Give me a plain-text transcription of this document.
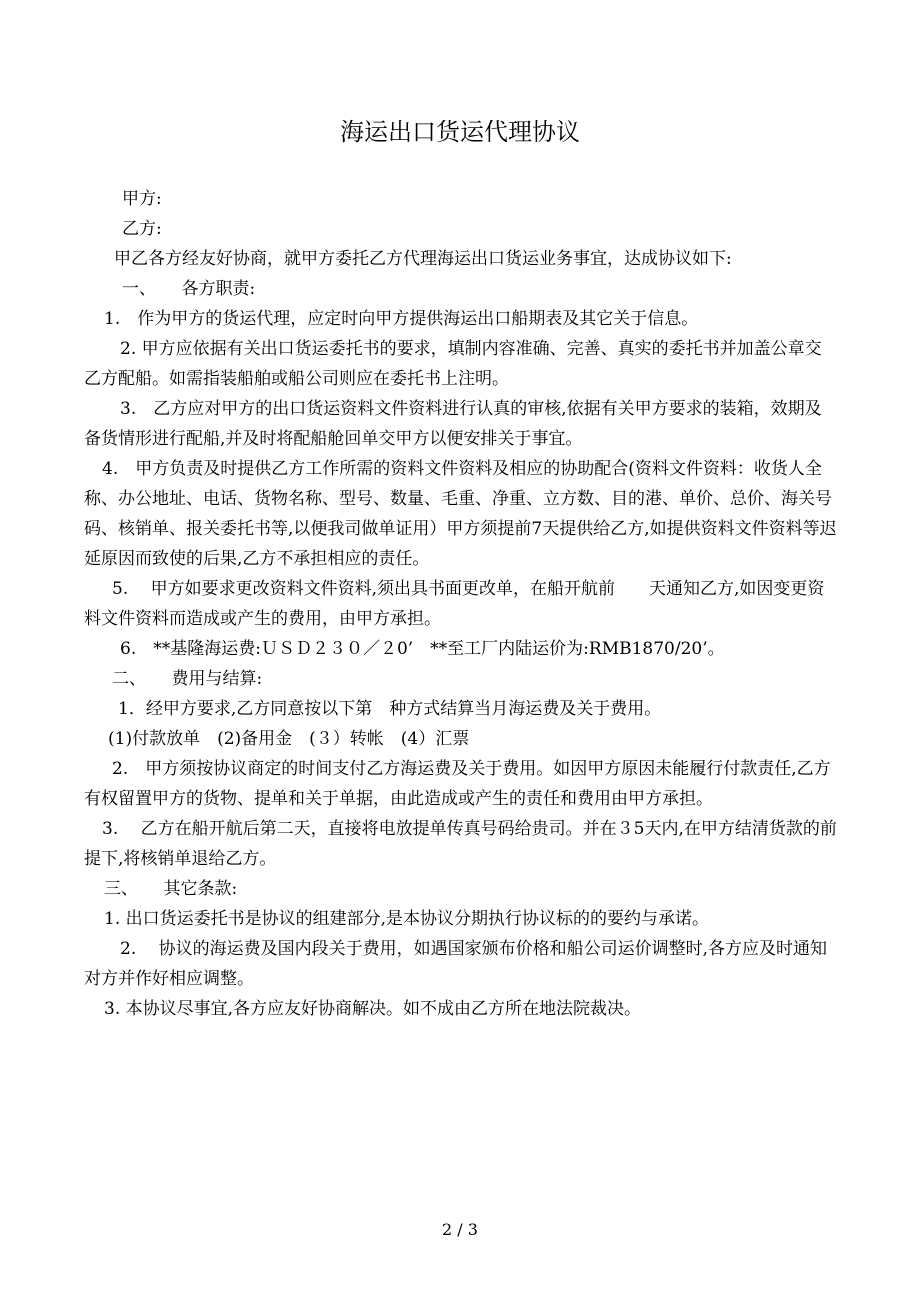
海运出口货运代理协议

甲方:

乙方:

甲乙各方经友好协商，就甲方委托乙方代理海运出口货运业务事宜，达成协议如下:

一、　　各方职责:

1.　作为甲方的货运代理，应定时向甲方提供海运出口船期表及其它关于信息。

2. 甲方应依据有关出口货运委托书的要求，填制内容准确、完善、真实的委托书并加盖公章交乙方配船。如需指装船舶或船公司则应在委托书上注明。

3.　乙方应对甲方的出口货运资料文件资料进行认真的审核,依据有关甲方要求的装箱，效期及备货情形进行配船,并及时将配船舱回单交甲方以便安排关于事宜。

4.　甲方负责及时提供乙方工作所需的资料文件资料及相应的协助配合(资料文件资料：收货人全称、办公地址、电话、货物名称、型号、数量、毛重、净重、立方数、目的港、单价、总价、海关号码、核销单、报关委托书等,以便我司做单证用）甲方须提前7天提供给乙方,如提供资料文件资料等迟延原因而致使的后果,乙方不承担相应的责任。

5.　 甲方如要求更改资料文件资料,须出具书面更改单，在船开航前　　天通知乙方,如因变更资料文件资料而造成或产生的费用，由甲方承担。

6.　**基隆海运费:ＵＳＤ２３０／２0’　**至工厂内陆运价为:RMB1870/20’。

二、　　费用与结算:

1．经甲方要求,乙方同意按以下第　种方式结算当月海运费及关于费用。

(1)付款放单　(2)备用金　(３）转帐　(4）汇票

2.　甲方须按协议商定的时间支付乙方海运费及关于费用。如因甲方原因未能履行付款责任,乙方有权留置甲方的货物、提单和关于单据，由此造成或产生的责任和费用由甲方承担。

3.　 乙方在船开航后第二天，直接将电放提单传真号码给贵司。并在３5天内,在甲方结清货款的前提下,将核销单退给乙方。

三、　　其它条款:

1. 出口货运委托书是协议的组建部分,是本协议分期执行协议标的的要约与承诺。

2.　 协议的海运费及国内段关于费用，如遇国家颁布价格和船公司运价调整时,各方应及时通知对方并作好相应调整。

3. 本协议尽事宜,各方应友好协商解决。如不成由乙方所在地法院裁决。

2 / 3
